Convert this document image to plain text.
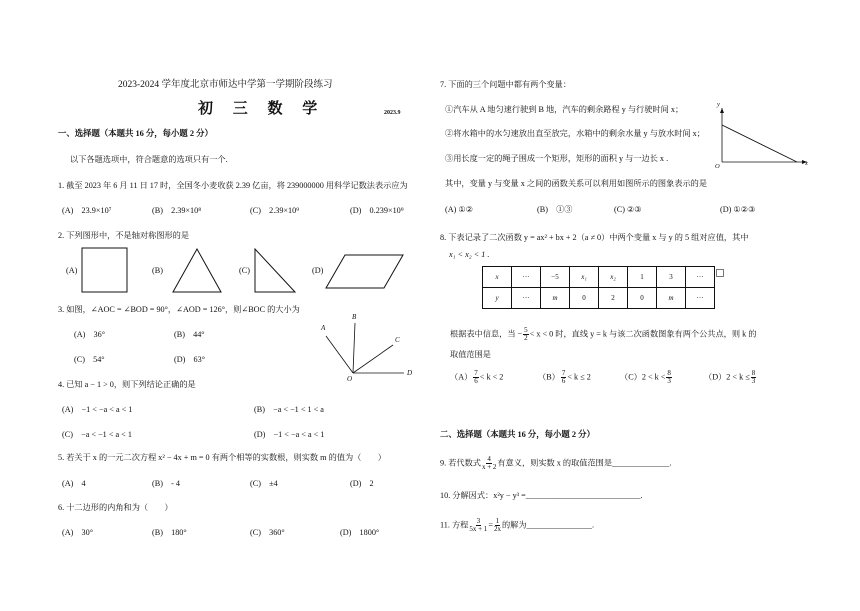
2023-2024 学年度北京市师达中学第一学期阶段练习
初 三 数 学	2023.9
一、选择题（本题共 16 分，每小题 2 分）
以下各题选项中，符合题意的选项只有一个.
1. 截至 2023 年 6 月 11 日 17 时，全国冬小麦收获 2.39 亿亩，将 239000000 用科学记数法表示应为
(A)　23.9×10⁷	(B)　2.39×10⁸	(C)　2.39×10⁹	(D)　0.239×10⁹
2. 下列图形中，不是轴对称图形的是
(A)	(B)	(C)	(D)
3. 如图，∠AOC = ∠BOD = 90°，∠AOD = 126°，则∠BOC 的大小为
(A)　36°	(B)　44°
(C)　54°	(D)　63°
A
B
C
D
O
4. 已知 a − 1 > 0，则下列结论正确的是
(A)　−1 < −a < a < 1	(B)　−a < −1 < 1 < a
(C)　−a < −1 < a < 1	(D)　−1 < −a < a < 1
5. 若关于 x 的一元二次方程 x² − 4x + m = 0 有两个相等的实数根，则实数 m 的值为（　　）
(A)　4	(B)　- 4	(C)　±4	(D)　2
6. 十二边形的内角和为（　　）
(A)　30°	(B)　180°	(C)　360°	(D)　1800°
7. 下面的三个问题中都有两个变量：
①汽车从 A 地匀速行驶到 B 地，汽车的剩余路程 y 与行驶时间 x；
②将水箱中的水匀速放出直至放完，水箱中的剩余水量 y 与放水时间 x；
③用长度一定的绳子围成一个矩形，矩形的面积 y 与一边长 x .
其中，变量 y 与变量 x 之间的函数关系可以利用如图所示的图象表示的是
(A) ①②	(B)　①③	(C) ②③	(D) ①②③
y
x
O
8. 下表记录了二次函数 y = ax² + bx + 2（a ≠ 0）中两个变量 x 与 y 的 5 组对应值，其中
x₁ < x₂ < 1 .
x	···	−5	x₁	x₂	1	3	···
y	···	m	0	2	0	m	···
根据表中信息，当 − $\frac{5}{2} < x < 0$ 时，直线 y = k 与该二次函数图象有两个公共点，则 k 的
取值范围是
$(A) \frac{7}{6} < k < 2$	$(B) \frac{7}{6} < k \le 2$	$(C)2 < k < \frac{8}{3}$	$(D)2 < k \le \frac{8}{3}$
二、选择题（本题共 16 分，每小题 2 分）
9. 若代数式 $\frac{4}{x + 2}$ 有意义，则实数 x 的取值范围是______________.
10. 分解因式：x²y − y³ =____________________________.
11. 方程 $\frac{3}{5x + 1} = \frac{1}{2x}$ 的解为________________.
